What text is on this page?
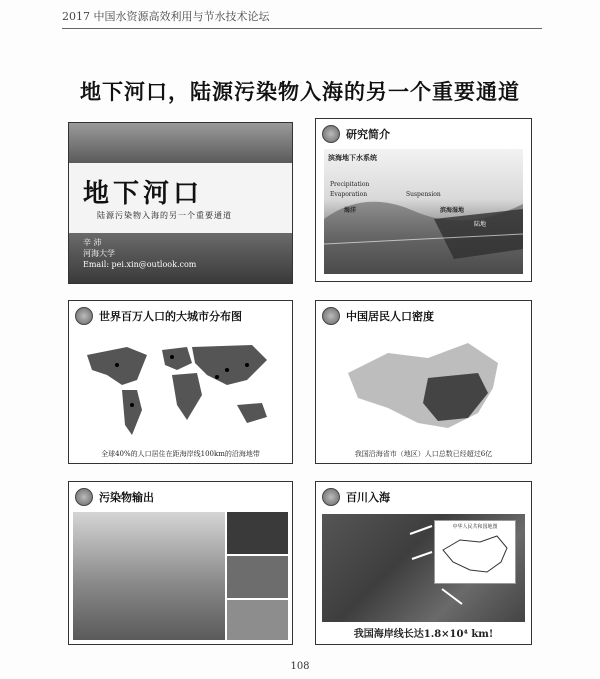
2017 中国水资源高效利用与节水技术论坛
地下河口，陆源污染物入海的另一个重要通道
地下河口
陆源污染物入海的另一个重要通道
辛 沛
河海大学
Email: pei.xin@outlook.com
研究简介
滨海地下水系统
Precipitation
Evaporation	Suspension
海洋	滨海湿地
陆地
世界百万人口的大城市分布图
全球40%的人口居住在距海岸线100km的沿海地带
中国居民人口密度
我国沿海省市（地区）人口总数已经超过6亿
污染物输出	百川入海
中华人民共和国地图
我国海岸线长达1.8×10⁴ km!
108
